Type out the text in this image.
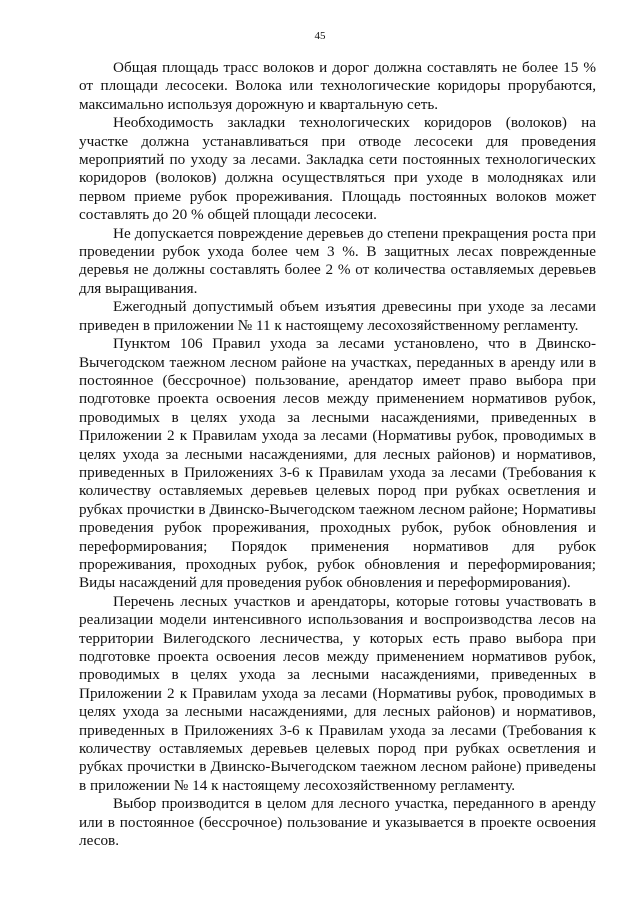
45

Общая площадь трасс волоков и дорог должна составлять не более 15 % от площади лесосеки. Волока или технологические коридоры прорубаются, максимально используя дорожную и квартальную сеть.

Необходимость закладки технологических коридоров (волоков) на участке должна устанавливаться при отводе лесосеки для проведения мероприятий по уходу за лесами. Закладка сети постоянных технологических коридоров (волоков) должна осуществляться при уходе в молодняках или первом приеме рубок прореживания. Площадь постоянных волоков может составлять до 20 % общей площади лесосеки.

Не допускается повреждение деревьев до степени прекращения роста при проведении рубок ухода более чем 3 %. В защитных лесах поврежденные деревья не должны составлять более 2 % от количества оставляемых деревьев для выращивания.

Ежегодный допустимый объем изъятия древесины при уходе за лесами приведен в приложении № 11 к настоящему лесохозяйственному регламенту.

Пунктом 106 Правил ухода за лесами установлено, что в Двинско-Вычегодском таежном лесном районе на участках, переданных в аренду или в постоянное (бессрочное) пользование, арендатор имеет право выбора при подготовке проекта освоения лесов между применением нормативов рубок, проводимых в целях ухода за лесными насаждениями, приведенных в Приложении 2 к Правилам ухода за лесами (Нормативы рубок, проводимых в целях ухода за лесными насаждениями, для лесных районов) и нормативов, приведенных в Приложениях 3-6 к Правилам ухода за лесами (Требования к количеству оставляемых деревьев целевых пород при рубках осветления и рубках прочистки в Двинско-Вычегодском таежном лесном районе; Нормативы проведения рубок прореживания, проходных рубок, рубок обновления и переформирования; Порядок применения нормативов для рубок прореживания, проходных рубок, рубок обновления и переформирования; Виды насаждений для проведения рубок обновления и переформирования).

Перечень лесных участков и арендаторы, которые готовы участвовать в реализации модели интенсивного использования и воспроизводства лесов на территории Вилегодского лесничества, у которых есть право выбора при подготовке проекта освоения лесов между применением нормативов рубок, проводимых в целях ухода за лесными насаждениями, приведенных в Приложении 2 к Правилам ухода за лесами (Нормативы рубок, проводимых в целях ухода за лесными насаждениями, для лесных районов) и нормативов, приведенных в Приложениях 3-6 к Правилам ухода за лесами (Требования к количеству оставляемых деревьев целевых пород при рубках осветления и рубках прочистки в Двинско-Вычегодском таежном лесном районе) приведены в приложении № 14 к настоящему лесохозяйственному регламенту.

Выбор производится в целом для лесного участка, переданного в аренду или в постоянное (бессрочное) пользование и указывается в проекте освоения лесов.
